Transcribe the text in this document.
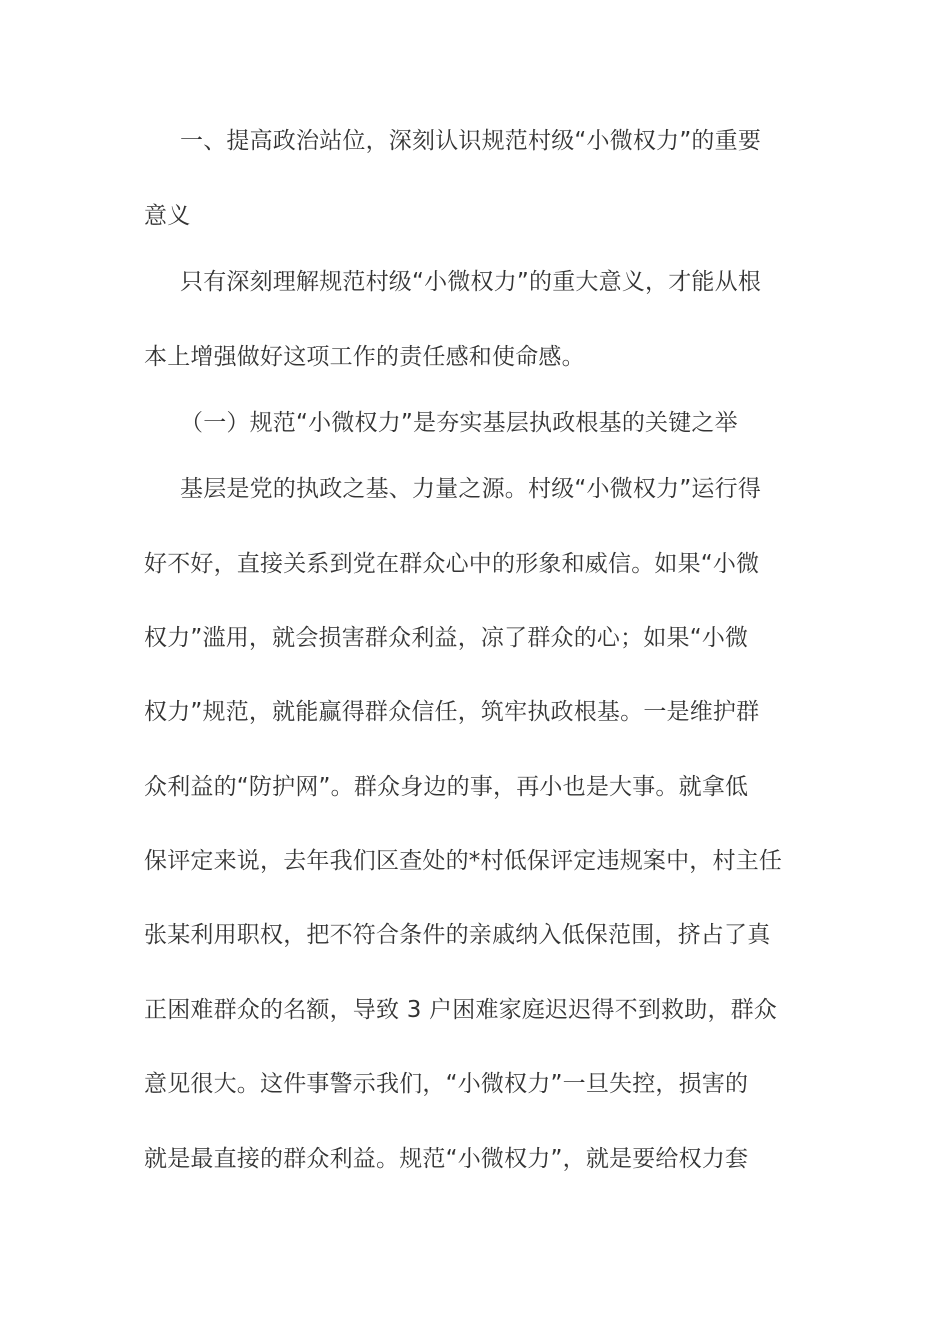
一、提高政治站位，深刻认识规范村级“小微权力”的重要
意义
只有深刻理解规范村级“小微权力”的重大意义，才能从根
本上增强做好这项工作的责任感和使命感。
（一）规范“小微权力”是夯实基层执政根基的关键之举
基层是党的执政之基、力量之源。村级“小微权力”运行得
好不好，直接关系到党在群众心中的形象和威信。如果“小微
权力”滥用，就会损害群众利益，凉了群众的心；如果“小微
权力”规范，就能赢得群众信任，筑牢执政根基。一是维护群
众利益的“防护网”。群众身边的事，再小也是大事。就拿低
保评定来说，去年我们区查处的*村低保评定违规案中，村主任
张某利用职权，把不符合条件的亲戚纳入低保范围，挤占了真
正困难群众的名额，导致 3 户困难家庭迟迟得不到救助，群众
意见很大。这件事警示我们，“小微权力”一旦失控，损害的
就是最直接的群众利益。规范“小微权力”，就是要给权力套
